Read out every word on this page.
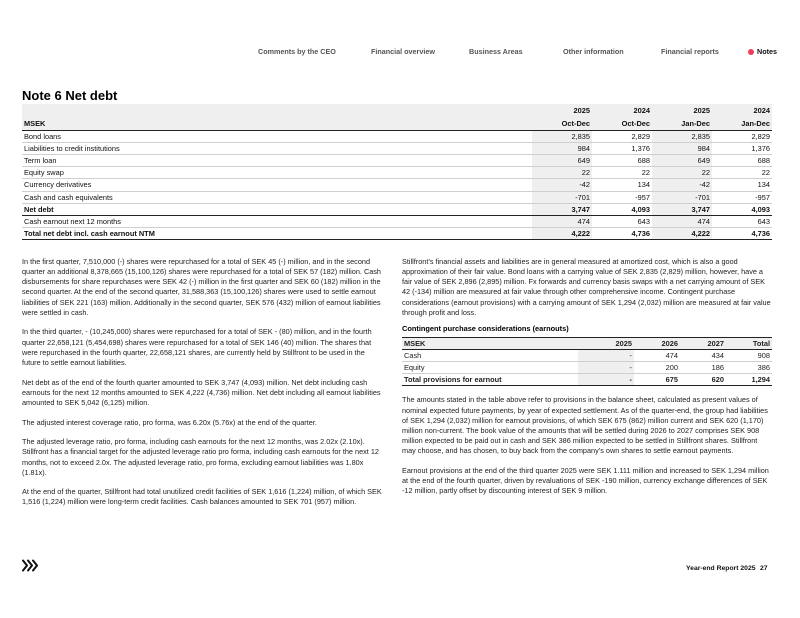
Comments by the CEO	Financial overview	Business Areas	Other information	Financial reports	Notes
Note 6 Net debt
	2025	2024	2025	2024
MSEK	Oct-Dec	Oct-Dec	Jan-Dec	Jan-Dec
Bond loans	2,835	2,829	2,835	2,829
Liabilities to credit institutions	984	1,376	984	1,376
Term loan	649	688	649	688
Equity swap	22	22	22	22
Currency derivatives	-42	134	-42	134
Cash and cash equivalents	-701	-957	-701	-957
Net debt	3,747	4,093	3,747	4,093
Cash earnout next 12 months	474	643	474	643
Total net debt incl. cash earnout NTM	4,222	4,736	4,222	4,736

In the first quarter, 7,510,000 (-) shares were repurchased for a total of SEK 45 (-) million, and in the second quarter an additional 8,378,665 (15,100,126) shares were repurchased for a total of SEK 57 (182) million. Cash disbursements for share repurchases were SEK 42 (-) million in the first quarter and SEK 60 (182) million in the second quarter. At the end of the second quarter, 31,588,363 (15,100,126) shares were used to settle earnout liabilities of SEK 221 (163) million. Additionally in the second quarter, SEK 576 (432) million of earnout liabilities were settled in cash.

In the third quarter, - (10,245,000) shares were repurchased for a total of SEK - (80) million, and in the fourth quarter 22,658,121 (5,454,698) shares were repurchased for a total of SEK 146 (40) million. The shares that were repurchased in the fourth quarter, 22,658,121 shares, are currently held by Stillfront to be used in the future to settle earnout liabilities.

Net debt as of the end of the fourth quarter amounted to SEK 3,747 (4,093) million. Net debt including cash earnouts for the next 12 months amounted to SEK 4,222 (4,736) million. Net debt including all earnout liabilities amounted to SEK 5,042 (6,125) million.

The adjusted interest coverage ratio, pro forma, was 6.20x (5.76x) at the end of the quarter.

The adjusted leverage ratio, pro forma, including cash earnouts for the next 12 months, was 2.02x (2.10x). Stillfront has a financial target for the adjusted leverage ratio pro forma, including cash earnouts for the next 12 months, not to exceed 2.0x. The adjusted leverage ratio, pro forma, excluding earnout liabilities was 1.80x (1.81x).

At the end of the quarter, Stillfront had total unutilized credit facilities of SEK 1,616 (1,224) million, of which SEK 1,516 (1,224) million were long-term credit facilities. Cash balances amounted to SEK 701 (957) million.

Stillfront’s financial assets and liabilities are in general measured at amortized cost, which is also a good approximation of their fair value. Bond loans with a carrying value of SEK 2,835 (2,829) million, however, have a fair value of SEK 2,896 (2,895) million. Fx forwards and currency basis swaps with a net carrying amount of SEK 42 (-134) million are measured at fair value through other comprehensive income. Contingent purchase considerations (earnout provisions) with a carrying amount of SEK 1,294 (2,032) million are measured at fair value through profit and loss.

Contingent purchase considerations (earnouts)
MSEK	2025	2026	2027	Total
Cash	-	474	434	908
Equity	-	200	186	386
Total provisions for earnout	-	675	620	1,294

The amounts stated in the table above refer to provisions in the balance sheet, calculated as present values of nominal expected future payments, by year of expected settlement. As of the quarter-end, the group had liabilities of SEK 1,294 (2,032) million for earnout provisions, of which SEK 675 (862) million current and SEK 620 (1,170) million non-current. The book value of the amounts that will be settled during 2026 to 2027 comprises SEK 908 million expected to be paid out in cash and SEK 386 million expected to be settled in Stillfront shares. Stillfront may choose, and has chosen, to buy back from the company’s own shares to settle earnout payments.

Earnout provisions at the end of the third quarter 2025 were SEK 1.111 million and increased to SEK 1,294 million at the end of the fourth quarter, driven by revaluations of SEK -190 million, currency exchange differences of SEK -12 million, partly offset by discounting interest of SEK 9 million.

Year-end Report 2025 27
